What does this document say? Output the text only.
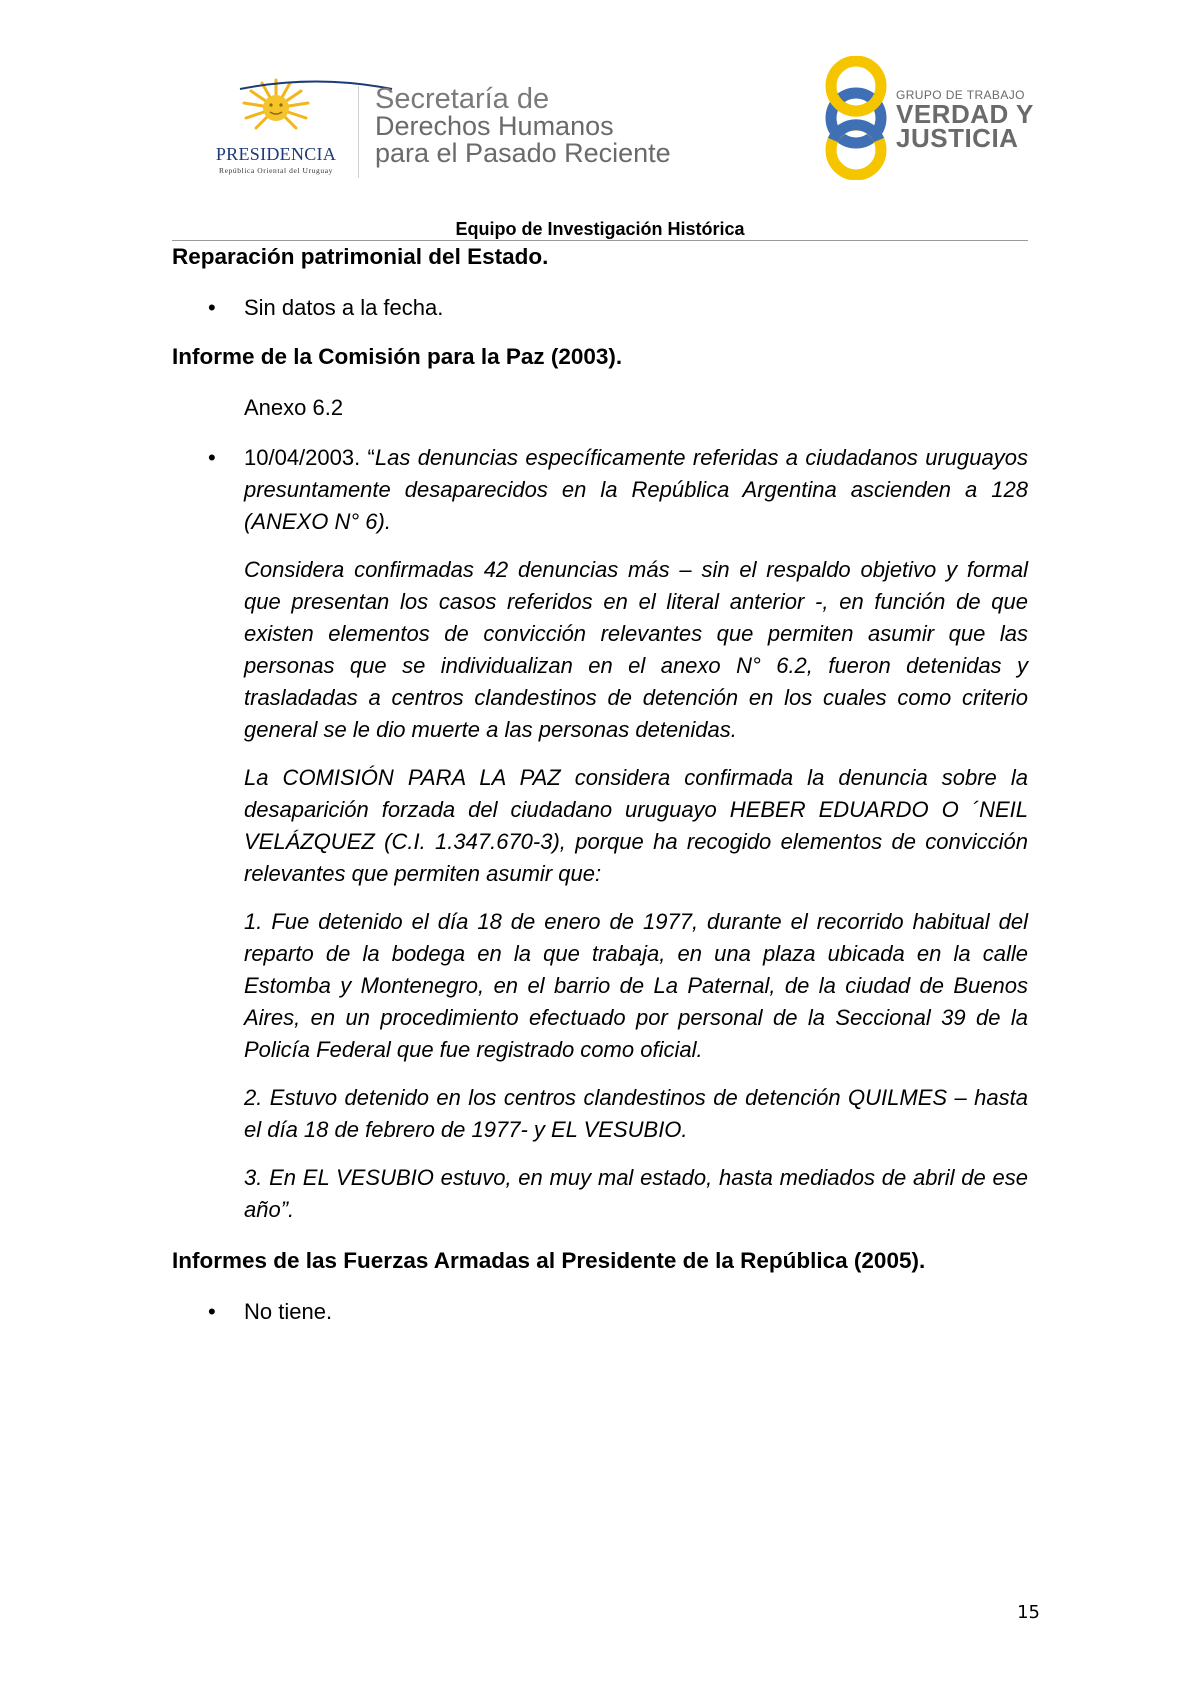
PRESIDENCIA
República Oriental del Uruguay
Secretaría de
Derechos Humanos
para el Pasado Reciente
GRUPO DE TRABAJO
VERDAD Y
JUSTICIA
Equipo de Investigación Histórica

Reparación patrimonial del Estado.

• Sin datos a la fecha.

Informe de la Comisión para la Paz (2003).

Anexo 6.2
• 10/04/2003. “Las denuncias específicamente referidas a ciudadanos uruguayos presuntamente desaparecidos en la República Argentina ascienden a 128 (ANEXO N° 6).
Considera confirmadas 42 denuncias más – sin el respaldo objetivo y formal que presentan los casos referidos en el literal anterior -, en función de que existen elementos de convicción relevantes que permiten asumir que las personas que se individualizan en el anexo N° 6.2, fueron detenidas y trasladadas a centros clandestinos de detención en los cuales como criterio general se le dio muerte a las personas detenidas.
La COMISIÓN PARA LA PAZ considera confirmada la denuncia sobre la desaparición forzada del ciudadano uruguayo HEBER EDUARDO O ´NEIL VELÁZQUEZ (C.I. 1.347.670-3), porque ha recogido elementos de convicción relevantes que permiten asumir que:
1. Fue detenido el día 18 de enero de 1977, durante el recorrido habitual del reparto de la bodega en la que trabaja, en una plaza ubicada en la calle Estomba y Montenegro, en el barrio de La Paternal, de la ciudad de Buenos Aires, en un procedimiento efectuado por personal de la Seccional 39 de la Policía Federal que fue registrado como oficial.
2. Estuvo detenido en los centros clandestinos de detención QUILMES – hasta el día 18 de febrero de 1977- y EL VESUBIO.
3. En EL VESUBIO estuvo, en muy mal estado, hasta mediados de abril de ese año”.

Informes de las Fuerzas Armadas al Presidente de la República (2005).

• No tiene.
15
